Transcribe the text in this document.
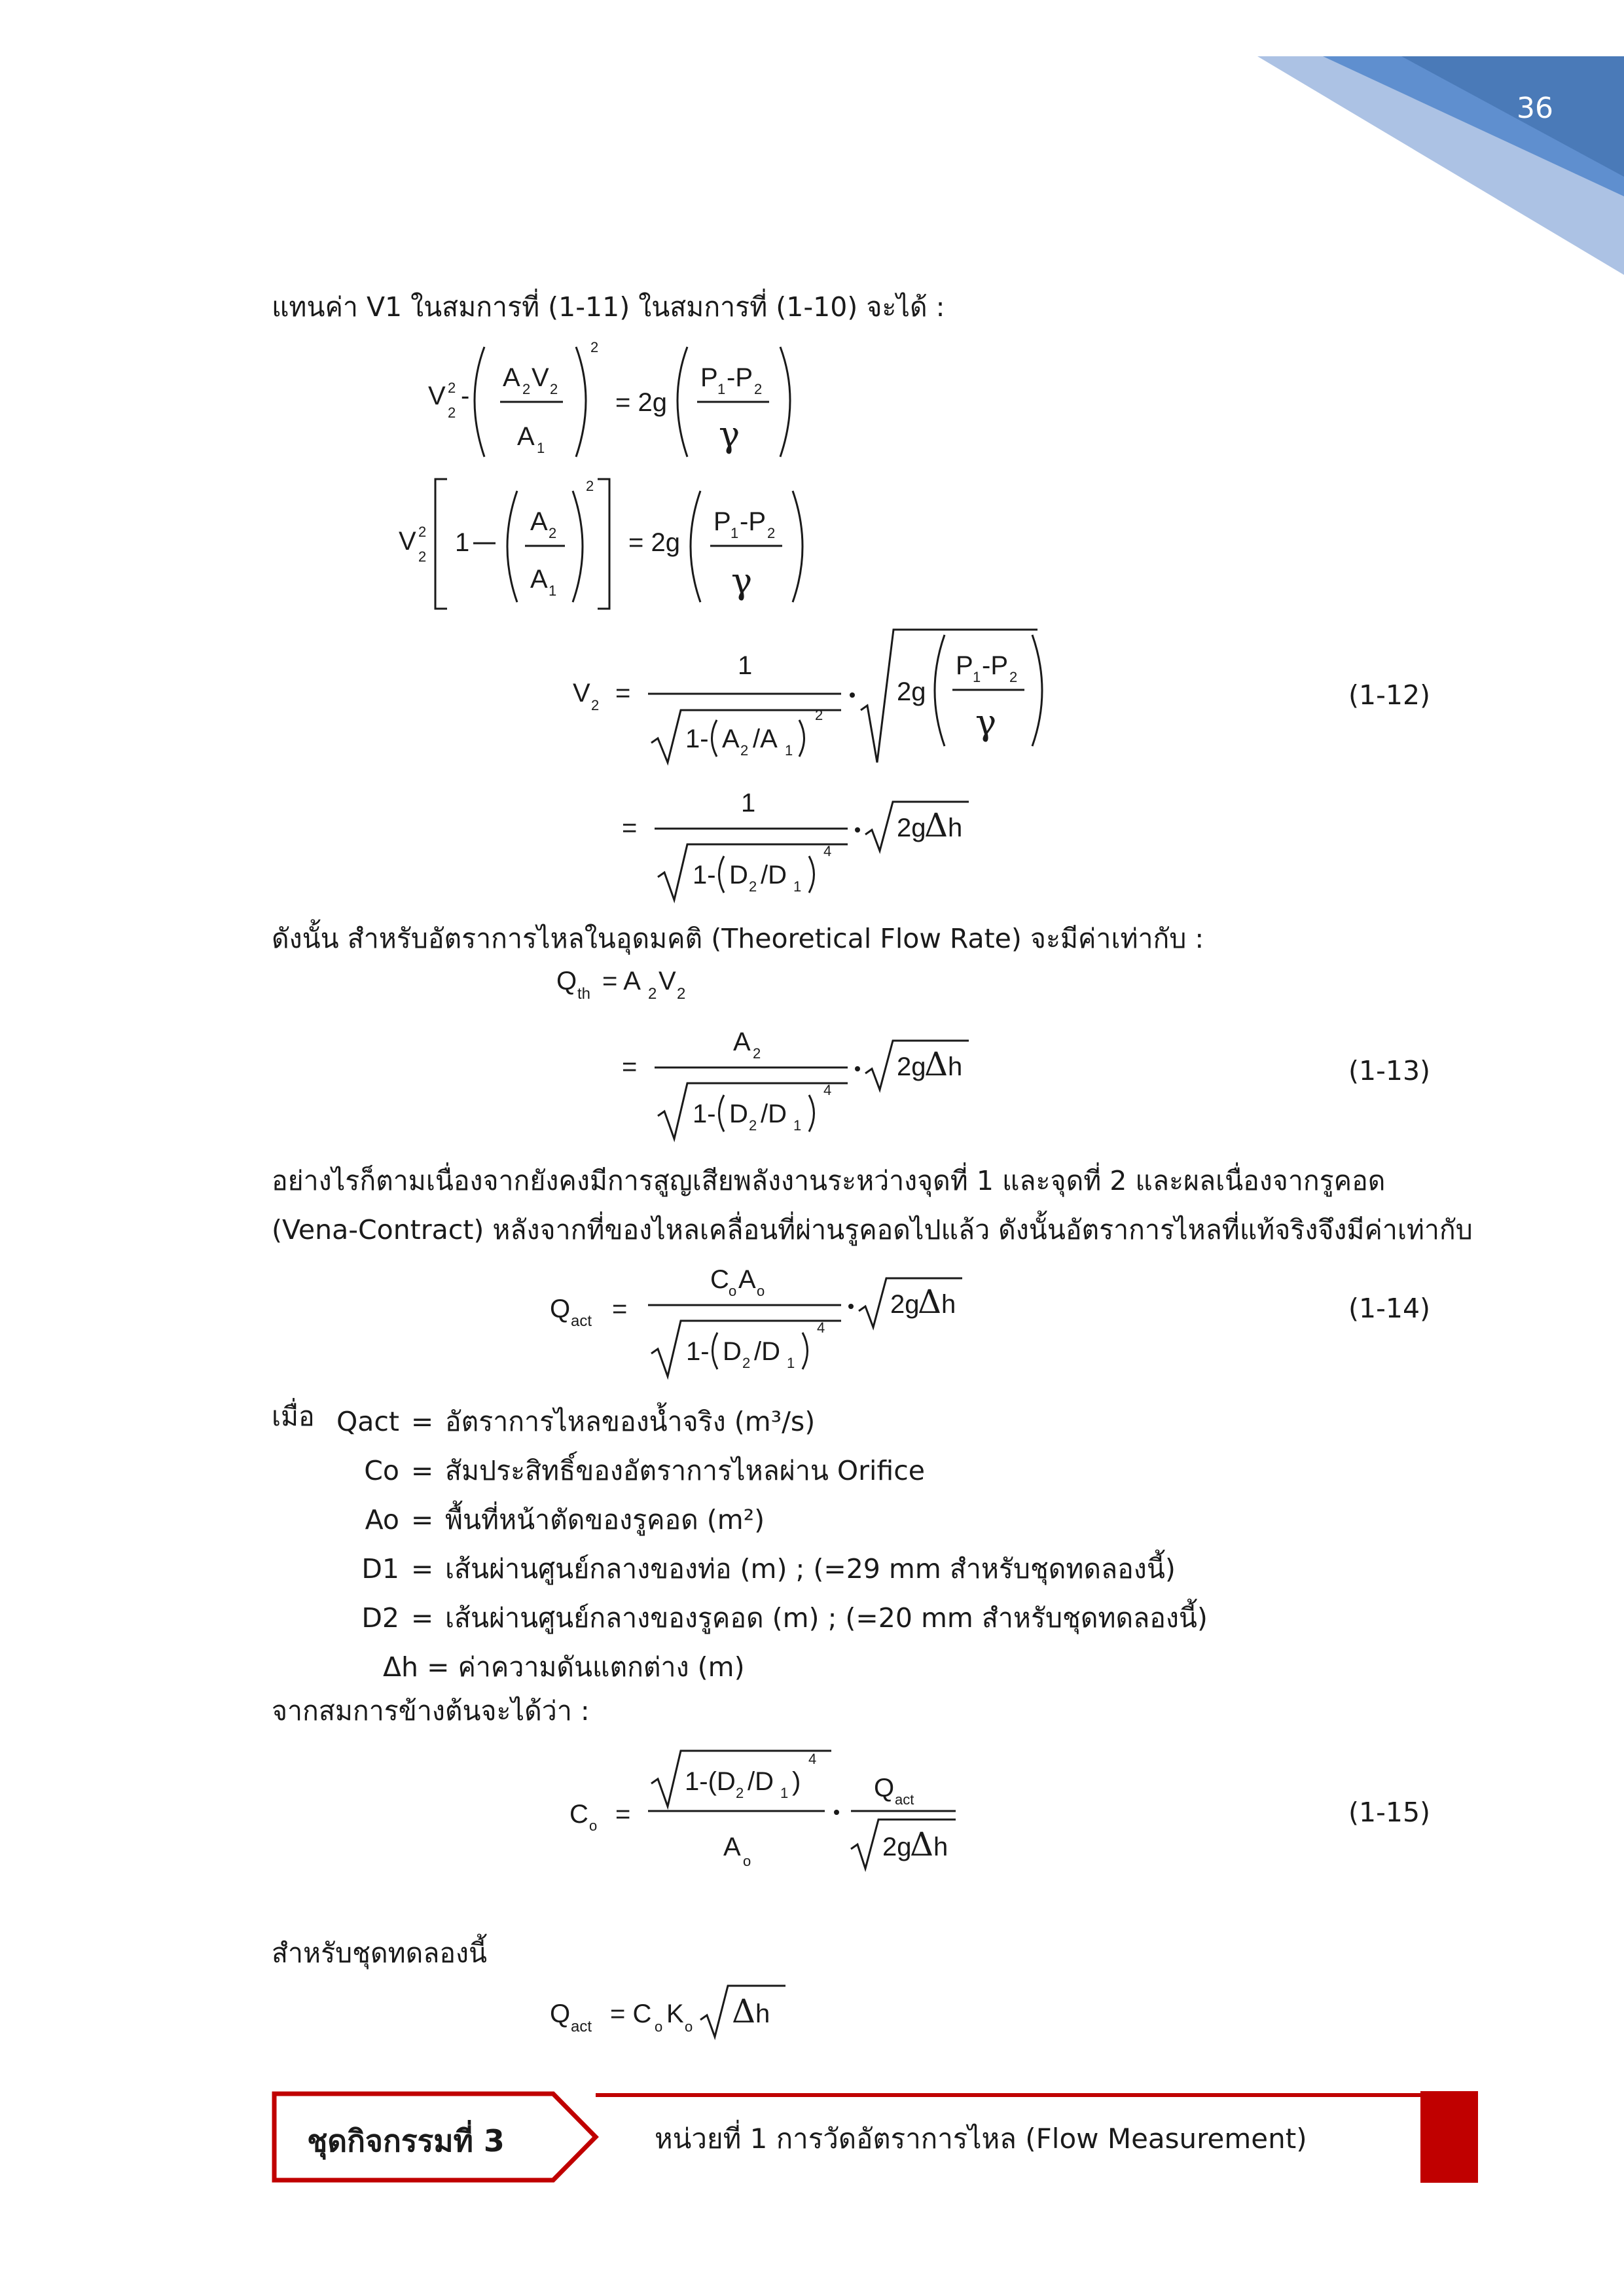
36
แทนค่า V1 ในสมการที่ (1-11) ในสมการที่ (1-10) จะได้ :
V 2
2
-
A 2 V 2
A 1
2
= 2g
P 1 -P 2
γ
V 2
2 1
A 2
A 1
2
= 2g
P 1 -P 2
γ
V 2 =
1
1- A 2 /A 1
2
2g
P 1 -P 2
γ
(1-12)
=
1
1- D 2 /D 1
4
2g
Δ h
ดังนั้น สำหรับอัตราการไหลในอุดมคติ (Theoretical Flow Rate) จะมีค่าเท่ากับ :
Q th = A 2 V 2
=
A 2
1- D 2 /D 1
4
2g
Δ h	(1-13)
อย่างไรก็ตามเนื่องจากยังคงมีการสูญเสียพลังงานระหว่างจุดที่ 1 และจุดที่ 2 และผลเนื่องจากรูคอด
(Vena-Contract) หลังจากที่ของไหลเคลื่อนที่ผ่านรูคอดไปแล้ว ดังนั้นอัตราการไหลที่แท้จริงจึงมีค่าเท่ากับ
Q act =
C o A o
1- D 2 /D 1
4
2g
Δ h	(1-14)
เมื่อ Qact = อัตราการไหลของน้ำจริง (m³/s)
Co = สัมประสิทธิ์ของอัตราการไหลผ่าน Orifice
Ao = พื้นที่หน้าตัดของรูคอด (m²)
D1 = เส้นผ่านศูนย์กลางของท่อ (m) ; (=29 mm สำหรับชุดทดลองนี้)
D2 = เส้นผ่านศูนย์กลางของรูคอด (m) ; (=20 mm สำหรับชุดทดลองนี้)
Δh = ค่าความดันแตกต่าง (m)
จากสมการข้างต้นจะได้ว่า :
C o =
1-(D 2 /D 1 )
4
A o
Q act
2g
Δ h
(1-15)
สำหรับชุดทดลองนี้
Q act = C o K o Δ h
ชุดกิจกรรมที่ 3	หน่วยที่ 1 การวัดอัตราการไหล (Flow Measurement)
